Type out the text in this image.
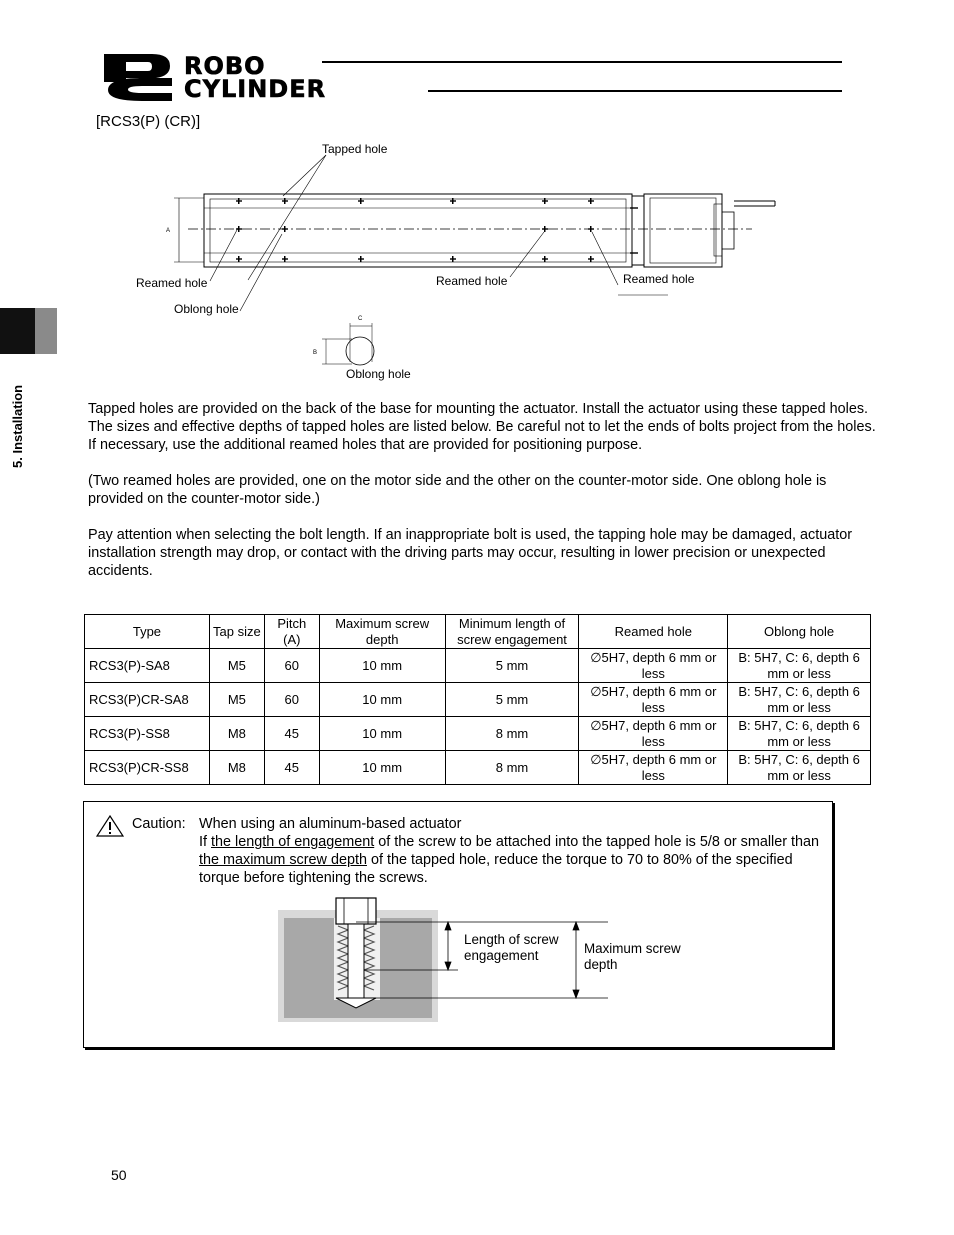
ROBO
CYLINDER
[RCS3(P) (CR)]
5. Installation
A
B
C
Tapped hole
Reamed hole	Reamed hole	Reamed hole
Oblong hole
Oblong hole
Tapped holes are provided on the back of the base for mounting the actuator. Install the actuator using these tapped holes. The sizes and effective depths of tapped holes are listed below. Be careful not to let the ends of bolts project from the holes. If necessary, use the additional reamed holes that are provided for positioning purpose.
(Two reamed holes are provided, one on the motor side and the other on the counter-motor side. One oblong hole is provided on the counter-motor side.)
Pay attention when selecting the bolt length. If an inappropriate bolt is used, the tapping hole may be damaged, actuator installation strength may drop, or contact with the driving parts may occur, resulting in lower precision or unexpected accidents.
Type	Tap size	Pitch (A)	Maximum screw depth	Minimum length of screw engagement	Reamed hole	Oblong hole
RCS3(P)-SA8	M5	60	10 mm	5 mm	∅5H7, depth 6 mm or less	B: 5H7, C: 6, depth 6 mm or less
RCS3(P)CR-SA8	M5	60	10 mm	5 mm	∅5H7, depth 6 mm or less	B: 5H7, C: 6, depth 6 mm or less
RCS3(P)-SS8	M8	45	10 mm	8 mm	∅5H7, depth 6 mm or less	B: 5H7, C: 6, depth 6 mm or less
RCS3(P)CR-SS8	M8	45	10 mm	8 mm	∅5H7, depth 6 mm or less	B: 5H7, C: 6, depth 6 mm or less
Caution: When using an aluminum-based actuator
If the length of engagement of the screw to be attached into the tapped hole is 5/8 or smaller than the maximum screw depth of the tapped hole, reduce the torque to 70 to 80% of the specified torque before tightening the screws.
Length of screw
engagement	Maximum screw
depth
50
